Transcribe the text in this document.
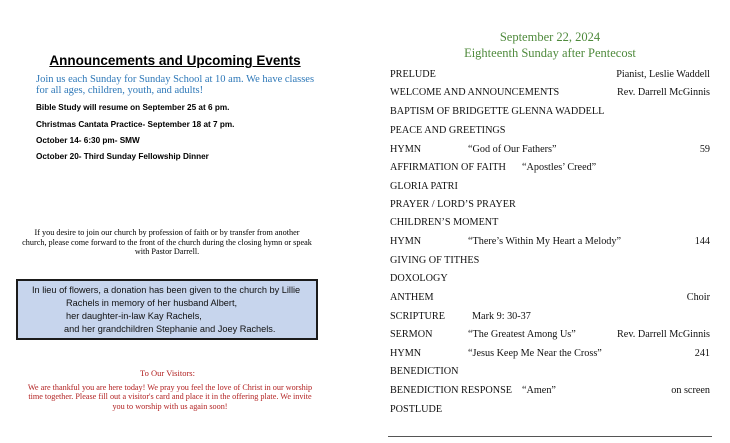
Announcements and Upcoming Events
Join us each Sunday for Sunday School at 10 am. We have classes for all ages, children, youth, and adults!
Bible Study will resume on September 25 at 6 pm.
Christmas Cantata Practice- September 18 at 7 pm.
October 14- 6:30 pm- SMW
October 20- Third Sunday Fellowship Dinner
If you desire to join our church by profession of faith or by transfer from another church, please come forward to the front of the church during the closing hymn or speak with Pastor Darrell.
In lieu of flowers, a donation has been given to the church by Lillie
Rachels in memory of her husband Albert,
her daughter-in-law Kay Rachels,
and her grandchildren Stephanie and Joey Rachels.
To Our Visitors:
We are thankful you are here today! We pray you feel the love of Christ in our worship time together. Please fill out a visitor's card and place it in the offering plate. We invite you to worship with us again soon!
September 22, 2024
Eighteenth Sunday after Pentecost
PRELUDE	Pianist, Leslie Waddell
WELCOME AND ANNOUNCEMENTS	Rev. Darrell McGinnis
BAPTISM OF BRIDGETTE GLENNA WADDELL
PEACE AND GREETINGS
HYMN	“God of Our Fathers”	59
AFFIRMATION OF FAITH “Apostles’ Creed”
GLORIA PATRI
PRAYER / LORD’S PRAYER
CHILDREN’S MOMENT
HYMN	“There’s Within My Heart a Melody”	144
GIVING OF TITHES
DOXOLOGY
ANTHEM	Choir
SCRIPTURE	Mark 9: 30-37
SERMON	“The Greatest Among Us”	Rev. Darrell McGinnis
HYMN	“Jesus Keep Me Near the Cross”	241
BENEDICTION
BENEDICTION RESPONSE “Amen”	on screen
POSTLUDE
